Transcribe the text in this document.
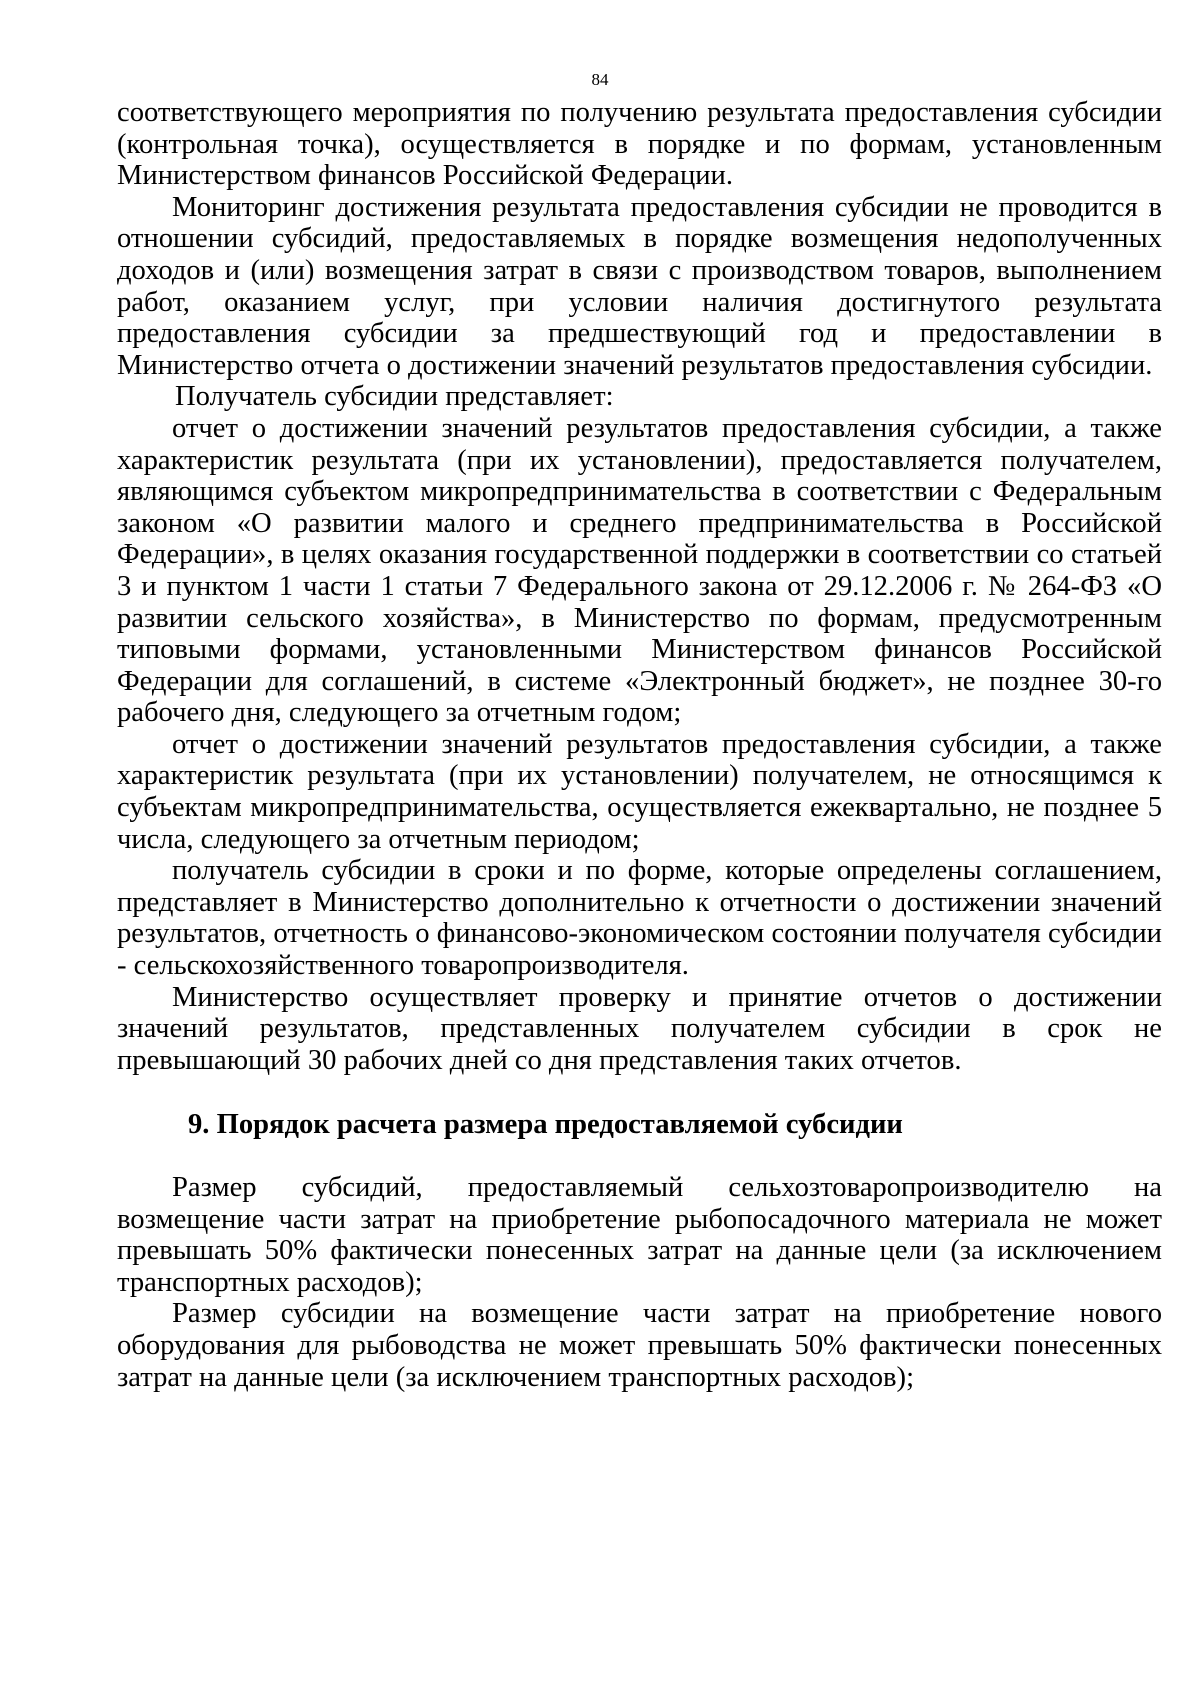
84

соответствующего мероприятия по получению результата предоставления субсидии (контрольная точка), осуществляется в порядке и по формам, установленным Министерством финансов Российской Федерации.

Мониторинг достижения результата предоставления субсидии не проводится в отношении субсидий, предоставляемых в порядке возмещения недополученных доходов и (или) возмещения затрат в связи с производством товаров, выполнением работ, оказанием услуг, при условии наличия достигнутого результата предоставления субсидии за предшествующий год и предоставлении в Министерство отчета о достижении значений результатов предоставления субсидии.

Получатель субсидии представляет:

отчет о достижении значений результатов предоставления субсидии, а также характеристик результата (при их установлении), предоставляется получателем, являющимся субъектом микропредпринимательства в соответствии с Федеральным законом «О развитии малого и среднего предпринимательства в Российской Федерации», в целях оказания государственной поддержки в соответствии со статьей 3 и пунктом 1 части 1 статьи 7 Федерального закона от 29.12.2006 г. № 264-ФЗ «О развитии сельского хозяйства», в Министерство по формам, предусмотренным типовыми формами, установленными Министерством финансов Российской Федерации для соглашений, в системе «Электронный бюджет», не позднее 30-го рабочего дня, следующего за отчетным годом;

отчет о достижении значений результатов предоставления субсидии, а также характеристик результата (при их установлении) получателем, не относящимся к субъектам микропредпринимательства, осуществляется ежеквартально, не позднее 5 числа, следующего за отчетным периодом;

получатель субсидии в сроки и по форме, которые определены соглашением, представляет в Министерство дополнительно к отчетности о достижении значений результатов, отчетность о финансово-экономическом состоянии получателя субсидии - сельскохозяйственного товаропроизводителя.

Министерство осуществляет проверку и принятие отчетов о достижении значений результатов, представленных получателем субсидии в срок не превышающий 30 рабочих дней со дня представления таких отчетов.

9. Порядок расчета размера предоставляемой субсидии

Размер субсидий, предоставляемый сельхозтоваропроизводителю на возмещение части затрат на приобретение рыбопосадочного материала не может превышать 50% фактически понесенных затрат на данные цели (за исключением транспортных расходов);

Размер субсидии на возмещение части затрат на приобретение нового оборудования для рыбоводства не может превышать 50% фактически понесенных затрат на данные цели (за исключением транспортных расходов);
